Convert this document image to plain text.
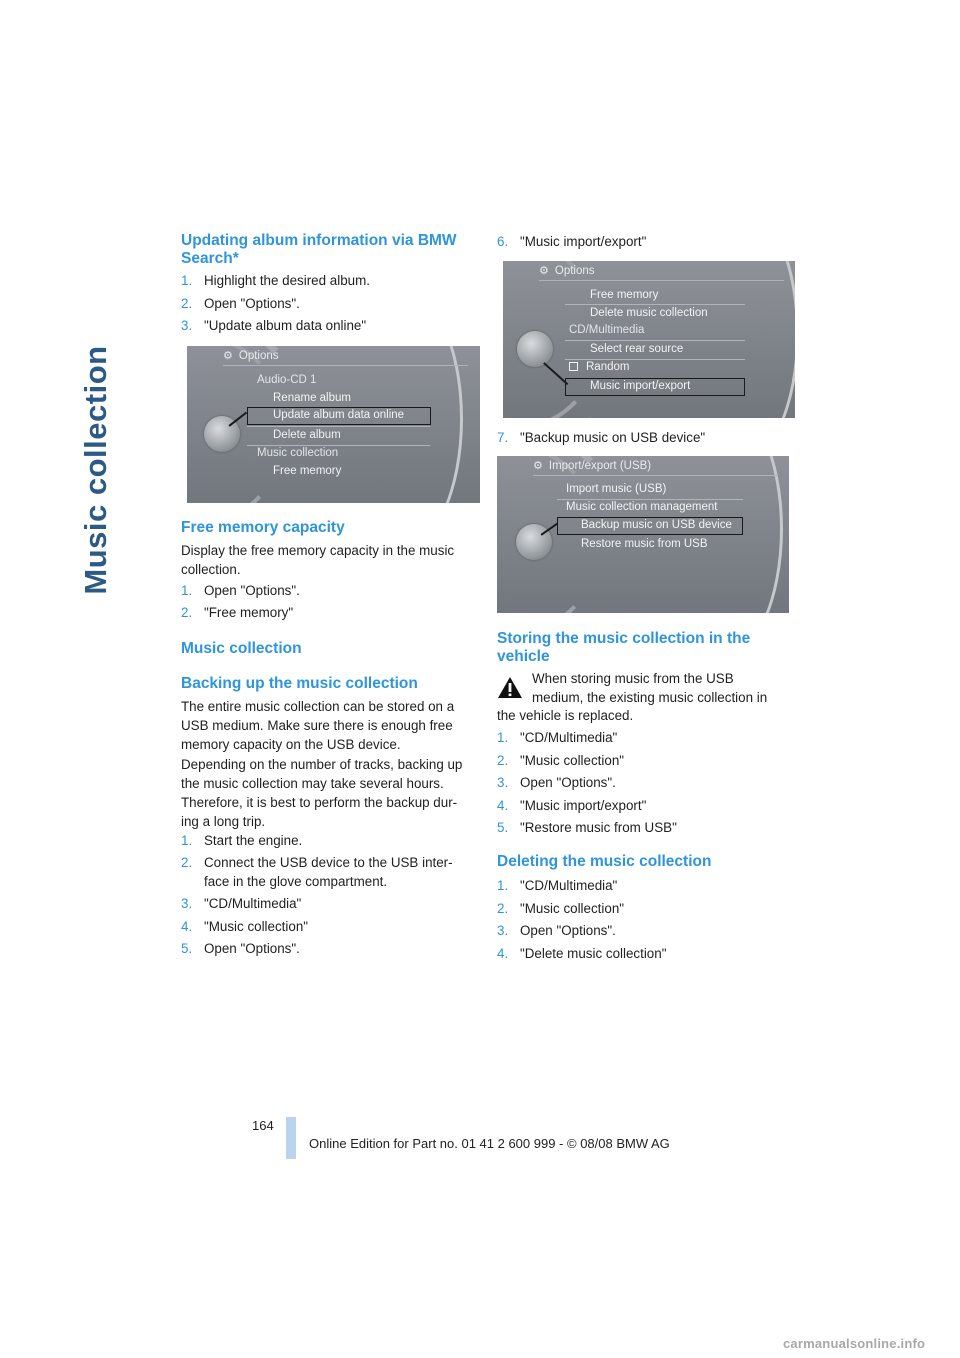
Music collection
Updating album information via BMW
Search*
1. Highlight the desired album.
2. Open "Options".
3. "Update album data online"
⚙ Options
Audio-CD 1
Rename album
Update album data online
Delete album
Music collection
Free memory
Free memory capacity
Display the free memory capacity in the music
collection.
1. Open "Options".
2. "Free memory"
Music collection
Backing up the music collection
The entire music collection can be stored on a
USB medium. Make sure there is enough free
memory capacity on the USB device.
Depending on the number of tracks, backing up
the music collection may take several hours.
Therefore, it is best to perform the backup dur-
ing a long trip.
1. Start the engine.
2. Connect the USB device to the USB inter-
face in the glove compartment.
3. "CD/Multimedia"
4. "Music collection"
5. Open "Options".
6. "Music import/export"
⚙ Options
Free memory
Delete music collection
CD/Multimedia
Select rear source
Random
Music import/export
7. "Backup music on USB device"
⚙ Import/export (USB)
Import music (USB)
Music collection management
Backup music on USB device
Restore music from USB
Storing the music collection in the
vehicle
When storing music from the USB
medium, the existing music collection in
the vehicle is replaced.
1. "CD/Multimedia"
2. "Music collection"
3. Open "Options".
4. "Music import/export"
5. "Restore music from USB"
Deleting the music collection
1. "CD/Multimedia"
2. "Music collection"
3. Open "Options".
4. "Delete music collection"
164
Online Edition for Part no. 01 41 2 600 999 - © 08/08 BMW AG
carmanualsonline.info
